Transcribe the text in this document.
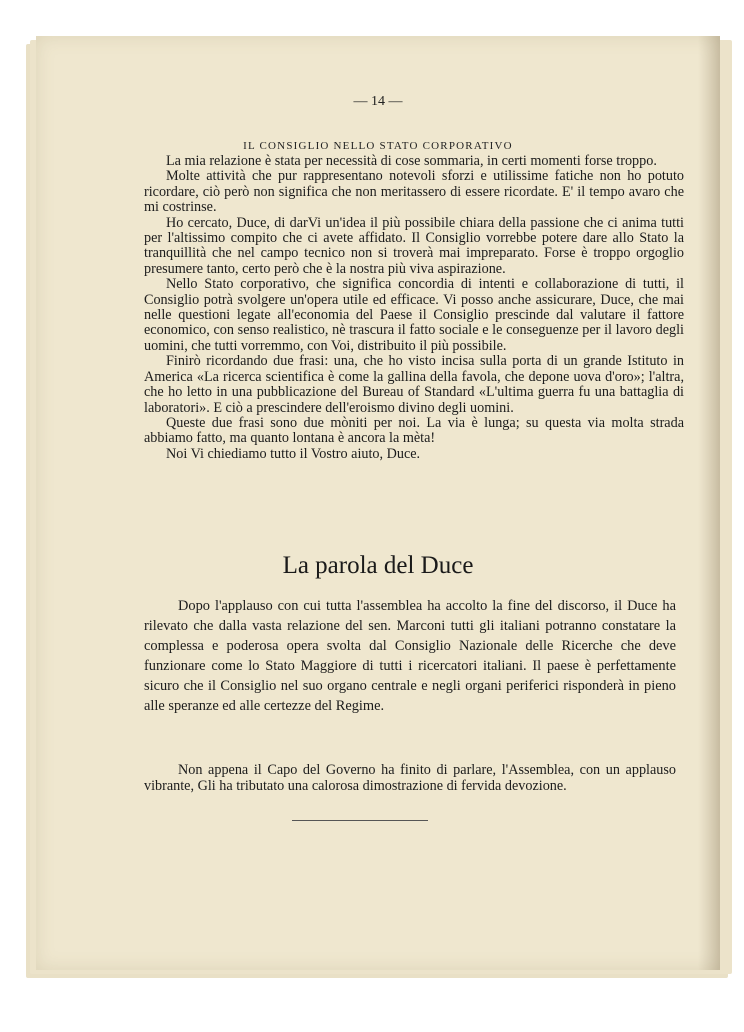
— 14 —
IL CONSIGLIO NELLO STATO CORPORATIVO

La mia relazione è stata per necessità di cose sommaria, in certi momenti forse troppo.

Molte attività che pur rappresentano notevoli sforzi e utilissime fatiche non ho potuto ricordare, ciò però non significa che non meritassero di essere ricordate. E' il tempo avaro che mi costrinse.

Ho cercato, Duce, di darVi un'idea il più possibile chiara della passione che ci anima tutti per l'altissimo compito che ci avete affidato. Il Consiglio vorrebbe potere dare allo Stato la tranquillità che nel campo tecnico non si troverà mai impreparato. Forse è troppo orgoglio presumere tanto, certo però che è la nostra più viva aspirazione.

Nello Stato corporativo, che significa concordia di intenti e collaborazione di tutti, il Consiglio potrà svolgere un'opera utile ed efficace. Vi posso anche assicurare, Duce, che mai nelle questioni legate all'economia del Paese il Consiglio prescinde dal valutare il fattore economico, con senso realistico, nè trascura il fatto sociale e le conseguenze per il lavoro degli uomini, che tutti vorremmo, con Voi, distribuito il più possibile.

Finirò ricordando due frasi: una, che ho visto incisa sulla porta di un grande Istituto in America «La ricerca scientifica è come la gallina della favola, che depone uova d'oro»; l'altra, che ho letto in una pubblicazione del Bureau of Standard «L'ultima guerra fu una battaglia di laboratori». E ciò a prescindere dell'eroismo divino degli uomini.

Queste due frasi sono due mòniti per noi. La via è lunga; su questa via molta strada abbiamo fatto, ma quanto lontana è ancora la mèta!

Noi Vi chiediamo tutto il Vostro aiuto, Duce.

La parola del Duce

Dopo l'applauso con cui tutta l'assemblea ha accolto la fine del discorso, il Duce ha rilevato che dalla vasta relazione del sen. Marconi tutti gli italiani potranno constatare la complessa e poderosa opera svolta dal Consiglio Nazionale delle Ricerche che deve funzionare come lo Stato Maggiore di tutti i ricercatori italiani. Il paese è perfettamente sicuro che il Consiglio nel suo organo centrale e negli organi periferici risponderà in pieno alle speranze ed alle certezze del Regime.

Non appena il Capo del Governo ha finito di parlare, l'Assemblea, con un applauso vibrante, Gli ha tributato una calorosa dimostrazione di fervida devozione.
